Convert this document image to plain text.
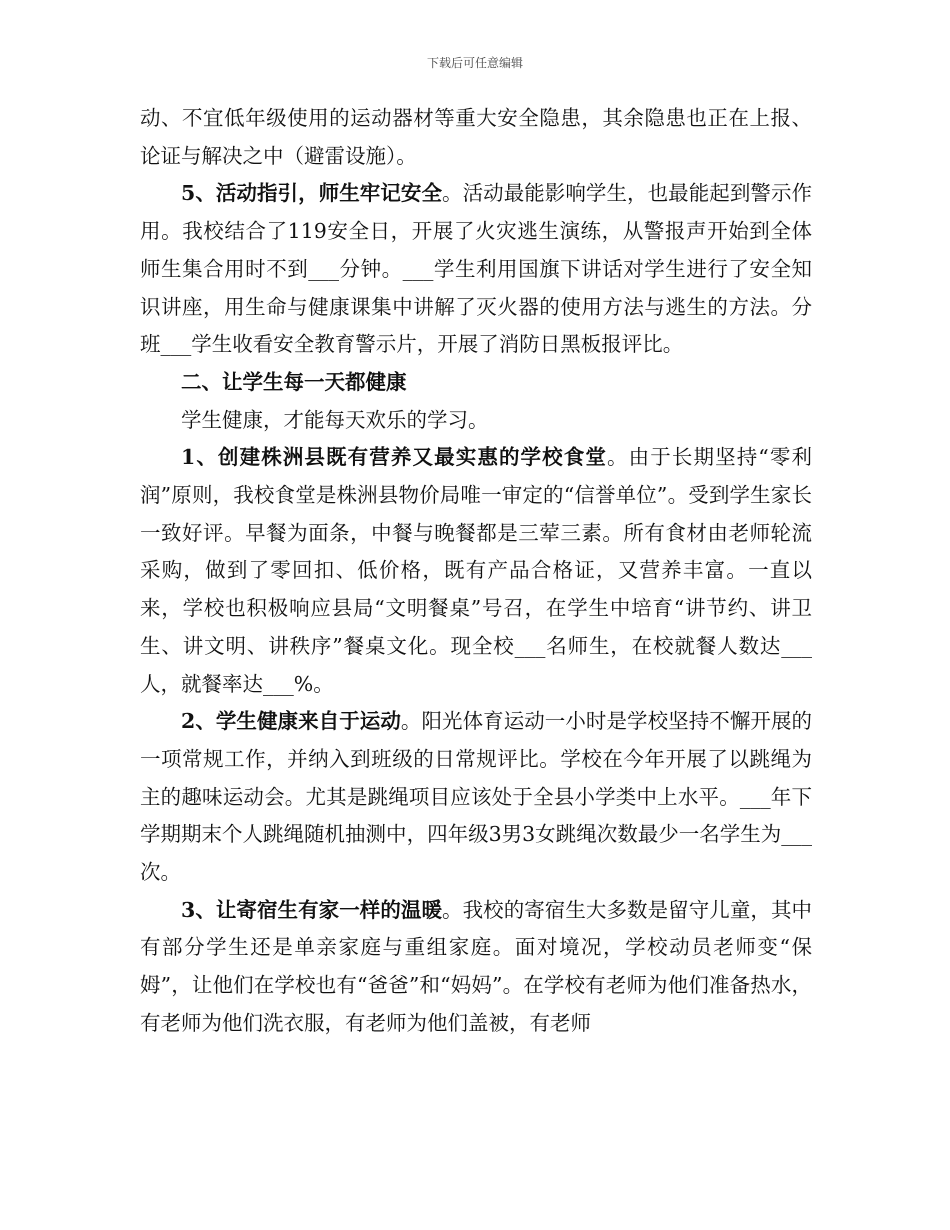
下载后可任意编辑

动、不宜低年级使用的运动器材等重大安全隐患，其余隐患也正在上报、论证与解决之中（避雷设施）。

5、活动指引，师生牢记安全。活动最能影响学生，也最能起到警示作用。我校结合了119安全日，开展了火灾逃生演练，从警报声开始到全体师生集合用时不到___分钟。___学生利用国旗下讲话对学生进行了安全知识讲座，用生命与健康课集中讲解了灭火器的使用方法与逃生的方法。分班___学生收看安全教育警示片，开展了消防日黑板报评比。

二、让学生每一天都健康

学生健康，才能每天欢乐的学习。

1、创建株洲县既有营养又最实惠的学校食堂。由于长期坚持“零利润”原则，我校食堂是株洲县物价局唯一审定的“信誉单位”。受到学生家长一致好评。早餐为面条，中餐与晚餐都是三荤三素。所有食材由老师轮流采购，做到了零回扣、低价格，既有产品合格证，又营养丰富。一直以来，学校也积极响应县局“文明餐桌”号召，在学生中培育“讲节约、讲卫生、讲文明、讲秩序”餐桌文化。现全校___名师生，在校就餐人数达___人，就餐率达___%。

2、学生健康来自于运动。阳光体育运动一小时是学校坚持不懈开展的一项常规工作，并纳入到班级的日常规评比。学校在今年开展了以跳绳为主的趣味运动会。尤其是跳绳项目应该处于全县小学类中上水平。___年下学期期末个人跳绳随机抽测中，四年级3男3女跳绳次数最少一名学生为___次。

3、让寄宿生有家一样的温暖。我校的寄宿生大多数是留守儿童，其中有部分学生还是单亲家庭与重组家庭。面对境况，学校动员老师变“保姆”，让他们在学校也有“爸爸”和“妈妈”。在学校有老师为他们准备热水，有老师为他们洗衣服，有老师为他们盖被，有老师
